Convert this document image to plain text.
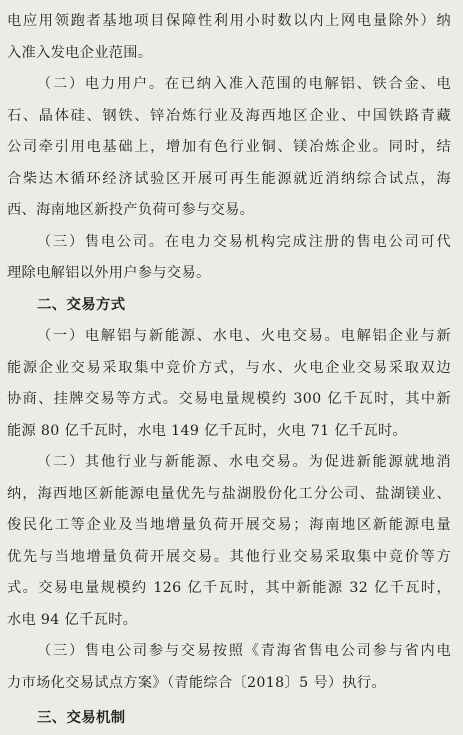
电应用领跑者基地项目保障性利用小时数以内上网电量除外）纳
入准入发电企业范围。
（二）电力用户。在已纳入准入范围的电解铝、铁合金、电
石、晶体硅、钢铁、锌冶炼行业及海西地区企业、中国铁路青藏
公司牵引用电基础上，增加有色行业铜、镁冶炼企业。同时，结
合柴达木循环经济试验区开展可再生能源就近消纳综合试点，海
西、海南地区新投产负荷可参与交易。
（三）售电公司。在电力交易机构完成注册的售电公司可代
理除电解铝以外用户参与交易。
二、交易方式
（一）电解铝与新能源、水电、火电交易。电解铝企业与新
能源企业交易采取集中竞价方式，与水、火电企业交易采取双边
协商、挂牌交易等方式。交易电量规模约 300 亿千瓦时，其中新
能源 80 亿千瓦时，水电 149 亿千瓦时，火电 71 亿千瓦时。
（二）其他行业与新能源、水电交易。为促进新能源就地消
纳，海西地区新能源电量优先与盐湖股份化工分公司、盐湖镁业、
俊民化工等企业及当地增量负荷开展交易；海南地区新能源电量
优先与当地增量负荷开展交易。其他行业交易采取集中竞价等方
式。交易电量规模约 126 亿千瓦时，其中新能源 32 亿千瓦时，
水电 94 亿千瓦时。
（三）售电公司参与交易按照《青海省售电公司参与省内电
力市场化交易试点方案》（青能综合〔2018〕5 号）执行。
三、交易机制
